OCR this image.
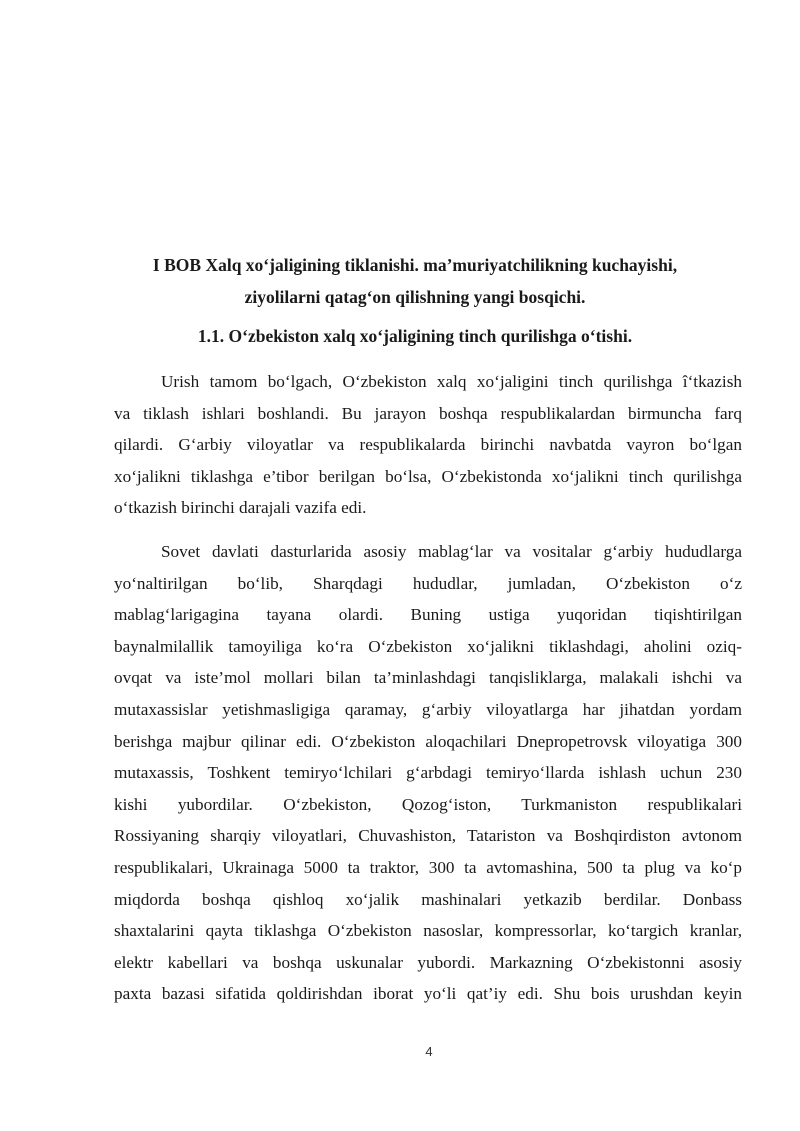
I BOB Xalq xo‘jaligining tiklanishi. ma’muriyatchilikning kuchayishi,

ziyolilarni qatag‘on qilishning yangi bosqichi.

1.1. O‘zbekiston xalq xo‘jaligining tinch qurilishga o‘tishi.

Urish tamom bo‘lgach, O‘zbekiston xalq xo‘jaligini tinch qurilishga î‘tkazish
va tiklash ishlari boshlandi. Bu jarayon boshqa respublikalardan birmuncha farq
qilardi. G‘arbiy viloyatlar va respublikalarda birinchi navbatda vayron bo‘lgan
xo‘jalikni tiklashga e’tibor berilgan bo‘lsa, O‘zbekistonda xo‘jalikni tinch qurilishga
o‘tkazish birinchi darajali vazifa edi.
Sovet davlati dasturlarida asosiy mablag‘lar va vositalar g‘arbiy hududlarga
yo‘naltirilgan bo‘lib, Sharqdagi hududlar, jumladan, O‘zbekiston o‘z
mablag‘larigagina tayana olardi. Buning ustiga yuqoridan tiqishtirilgan
baynalmilallik tamoyiliga ko‘ra O‘zbekiston xo‘jalikni tiklashdagi, aholini oziq-
ovqat va iste’mol mollari bilan ta’minlashdagi tanqisliklarga, malakali ishchi va
mutaxassislar yetishmasligiga qaramay, g‘arbiy viloyatlarga har jihatdan yordam
berishga majbur qilinar edi. O‘zbekiston aloqachilari Dnepropetrovsk viloyatiga 300
mutaxassis, Toshkent temiryo‘lchilari g‘arbdagi temiryo‘llarda ishlash uchun 230
kishi yubordilar. O‘zbekiston, Qozog‘iston, Turkmaniston respublikalari
Rossiyaning sharqiy viloyatlari, Chuvashiston, Tatariston va Boshqirdiston avtonom
respublikalari, Ukrainaga 5000 ta traktor, 300 ta avtomashina, 500 ta plug va ko‘p
miqdorda boshqa qishloq xo‘jalik mashinalari yetkazib berdilar. Donbass
shaxtalarini qayta tiklashga O‘zbekiston nasoslar, kompressorlar, ko‘targich kranlar,
elektr kabellari va boshqa uskunalar yubordi. Markazning O‘zbekistonni asosiy
paxta bazasi sifatida qoldirishdan iborat yo‘li qat’iy edi. Shu bois urushdan keyin
4
